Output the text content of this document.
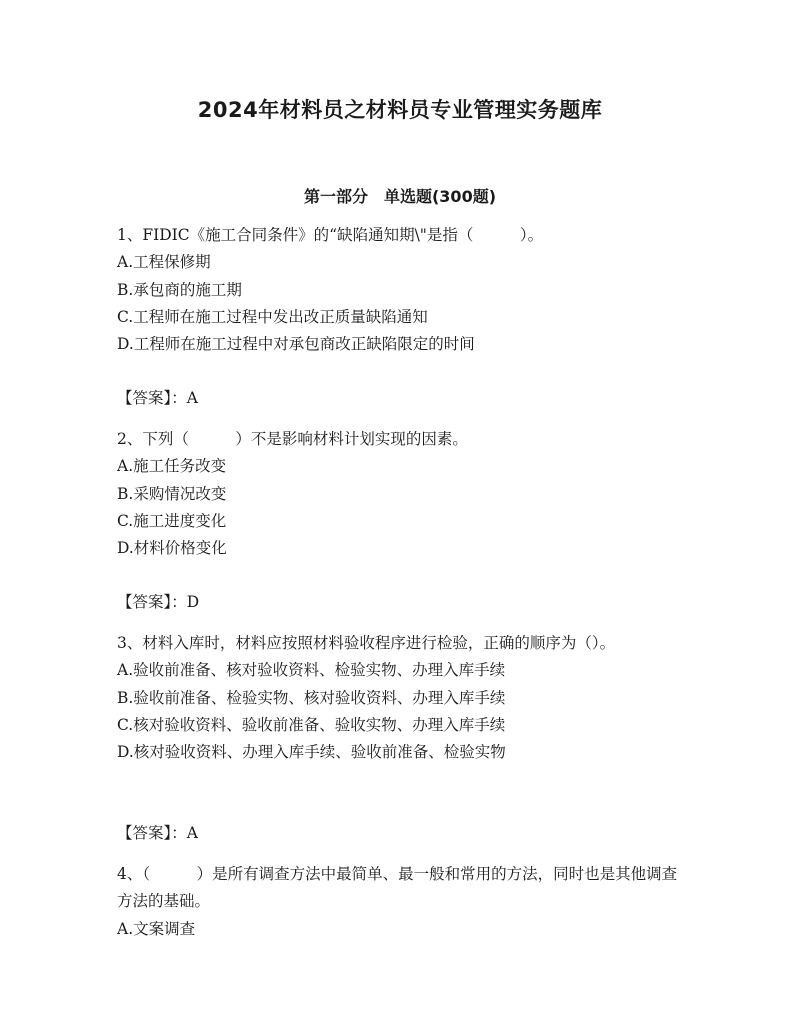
2024年材料员之材料员专业管理实务题库
第一部分　单选题(300题)
1、FIDIC《施工合同条件》的“缺陷通知期\"是指（　　　）。
A.工程保修期
B.承包商的施工期
C.工程师在施工过程中发出改正质量缺陷通知
D.工程师在施工过程中对承包商改正缺陷限定的时间
【答案】：A
2、下列（　　　）不是影响材料计划实现的因素。
A.施工任务改变
B.采购情况改变
C.施工进度变化
D.材料价格变化
【答案】：D
3、材料入库时，材料应按照材料验收程序进行检验，正确的顺序为（）。
A.验收前准备、核对验收资料、检验实物、办理入库手续
B.验收前准备、检验实物、核对验收资料、办理入库手续
C.核对验收资料、验收前准备、验收实物、办理入库手续
D.核对验收资料、办理入库手续、验收前准备、检验实物
【答案】：A
4、（　　　）是所有调查方法中最简单、最一般和常用的方法，同时也是其他调查方法的基础。
A.文案调查
